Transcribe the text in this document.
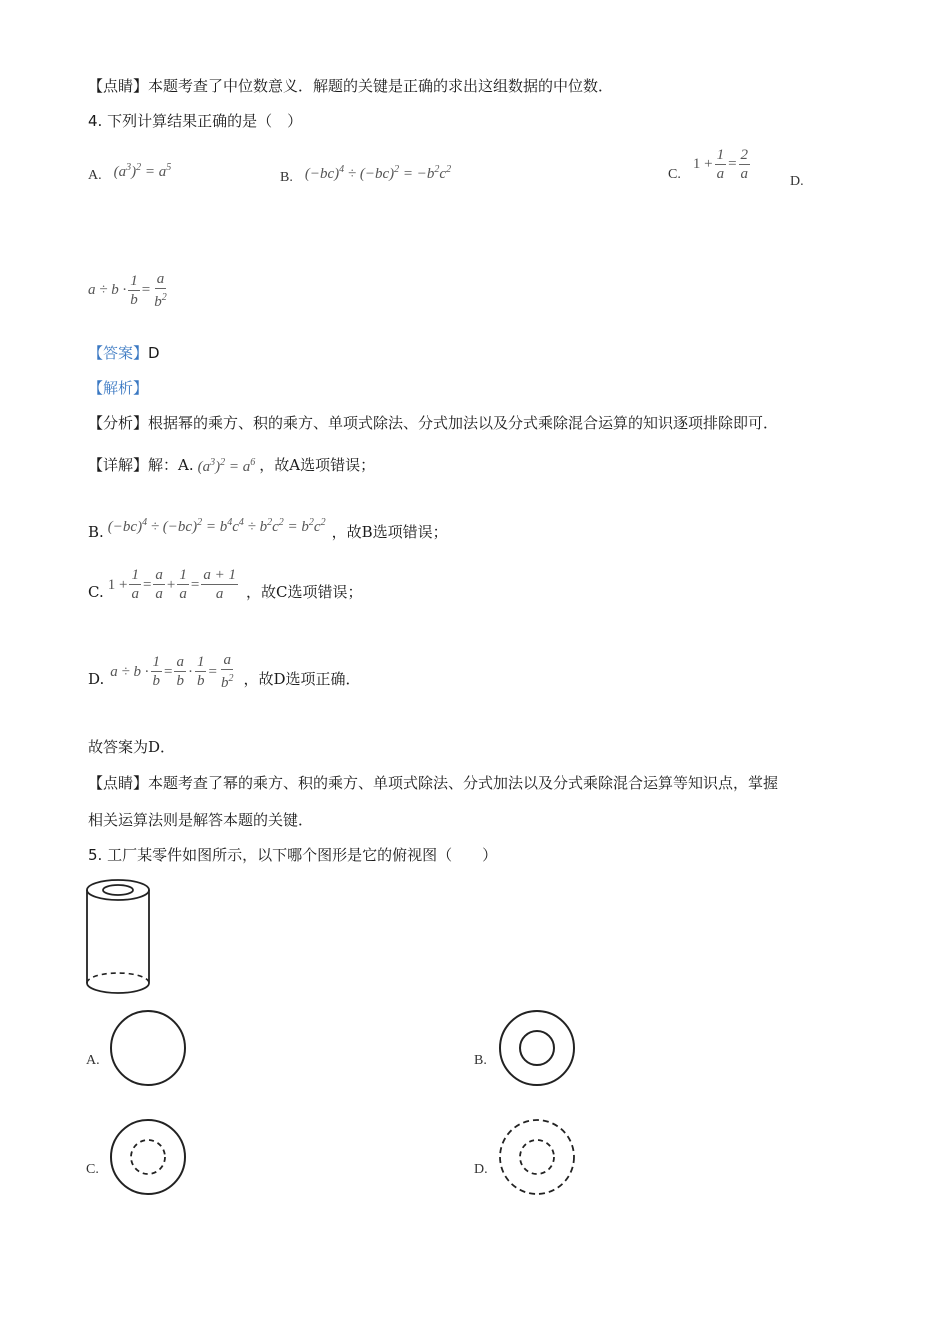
【点睛】本题考查了中位数意义．解题的关键是正确的求出这组数据的中位数．
4. 下列计算结果正确的是（　）
A. $(a^3)^2 = a^5$
B. $(-bc)^4 \div (-bc)^2 = -b^2c^2$	C.
$1 + \frac{1}{a} = \frac{2}{a}$	D.
$a \div b \cdot \frac{1}{b} = \frac{a}{b^2}$
【答案】D
【解析】
【分析】根据幂的乘方、积的乘方、单项式除法、分式加法以及分式乘除混合运算的知识逐项排除即可．
【详解】解：A. $(a^3)^2 = a^6$ ，故A选项错误；
B. $(-bc)^4 \div (-bc)^2 = b^4c^4 \div b^2c^2 = b^2c^2$
，故B选项错误；
C. $1 + \frac{1}{a} = \frac{a}{a} + \frac{1}{a} = \frac{a + 1}{a}$ ，故C选项错误；
D. $a \div b \cdot \frac{1}{b} = \frac{a}{b} \cdot \frac{1}{b} = \frac{a}{b^2}$ ，故D选项正确．
故答案为D．
【点睛】本题考查了幂的乘方、积的乘方、单项式除法、分式加法以及分式乘除混合运算等知识点，掌握
相关运算法则是解答本题的关键．
5. 工厂某零件如图所示，以下哪个图形是它的俯视图（　　）
A.	B.
C.	D.
